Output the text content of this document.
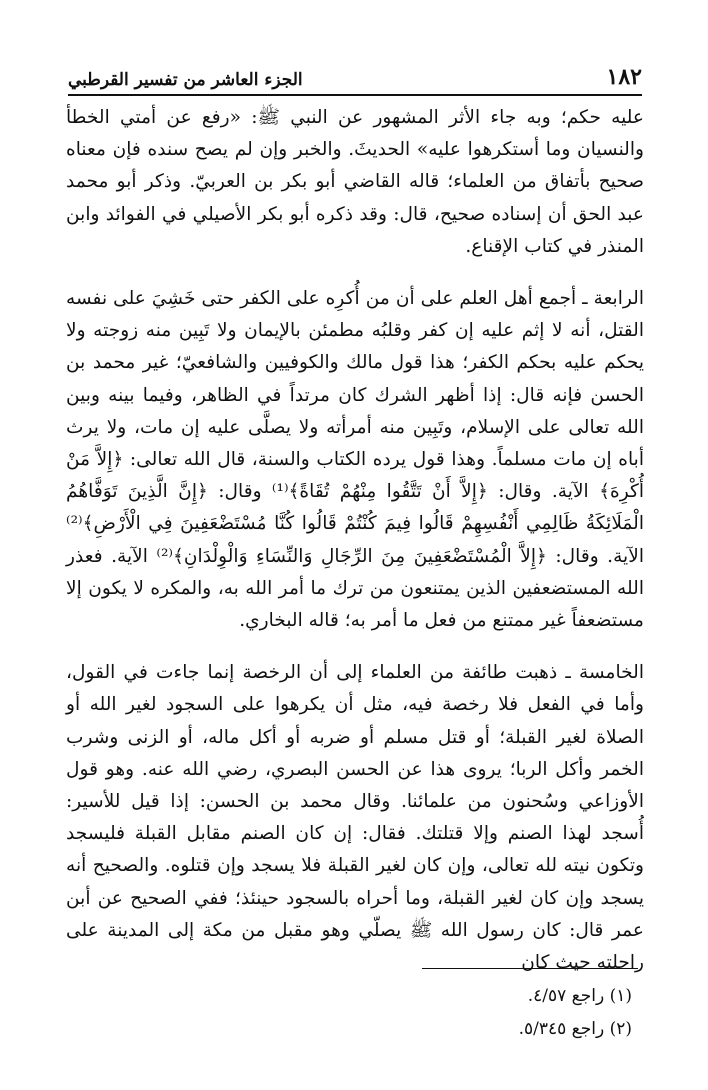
١٨٢
الجزء العاشر من تفسير القرطبي

عليه حكم؛ وبه جاء الأثر المشهور عن النبي ﷺ: «رفع عن أمتي الخطأ والنسيان وما أستكرهوا عليه» الحديثَ. والخبر وإن لم يصح سنده فإن معناه صحيح بأتفاق من العلماء؛ قاله القاضي أبو بكر بن العربيّ. وذكر أبو محمد عبد الحق أن إسناده صحيح، قال: وقد ذكره أبو بكر الأصيلي في الفوائد وابن المنذر في كتاب الإقناع.

الرابعة ـ أجمع أهل العلم على أن من أُكرِه على الكفر حتى خَشِيَ على نفسه القتل، أنه لا إثم عليه إن كفر وقلبُه مطمئن بالإيمان ولا تَبِين منه زوجته ولا يحكم عليه بحكم الكفر؛ هذا قول مالك والكوفيين والشافعيّ؛ غير محمد بن الحسن فإنه قال: إذا أظهر الشرك كان مرتداً في الظاهر، وفيما بينه وبين الله تعالى على الإسلام، وتَبِين منه أمرأته ولا يصلَّى عليه إن مات، ولا يرث أباه إن مات مسلماً. وهذا قول يرده الكتاب والسنة، قال الله تعالى: ﴿إِلاَّ مَنْ أُكْرِهَ﴾ الآية. وقال: ﴿إِلاَّ أَنْ تَتَّقُوا مِنْهُمْ تُقَاةً﴾⁽¹⁾ وقال: ﴿إِنَّ الَّذِينَ تَوَفَّاهُمُ الْمَلَائِكَةُ ظَالِمِي أَنْفُسِهِمْ قَالُوا فِيمَ كُنْتُمْ قَالُوا كُنَّا مُسْتَضْعَفِينَ فِي الْأَرْضِ﴾⁽²⁾ الآية. وقال: ﴿إِلاَّ الْمُسْتَضْعَفِينَ مِنَ الرِّجَالِ وَالنِّسَاءِ وَالْوِلْدَانِ﴾⁽²⁾ الآية. فعذر الله المستضعفين الذين يمتنعون من ترك ما أمر الله به، والمكره لا يكون إلا مستضعفاً غير ممتنع من فعل ما أمر به؛ قاله البخاري.

الخامسة ـ ذهبت طائفة من العلماء إلى أن الرخصة إنما جاءت في القول، وأما في الفعل فلا رخصة فيه، مثل أن يكرهوا على السجود لغير الله أو الصلاة لغير القبلة؛ أو قتل مسلم أو ضربه أو أكل ماله، أو الزنى وشرب الخمر وأكل الربا؛ يروى هذا عن الحسن البصري، رضي الله عنه. وهو قول الأوزاعي وسُحنون من علمائنا. وقال محمد بن الحسن: إذا قيل للأسير: أُسجد لهذا الصنم وإلا قتلتك. فقال: إن كان الصنم مقابل القبلة فليسجد وتكون نيته لله تعالى، وإن كان لغير القبلة فلا يسجد وإن قتلوه. والصحيح أنه يسجد وإن كان لغير القبلة، وما أحراه بالسجود حينئذ؛ ففي الصحيح عن أبن عمر قال: كان رسول الله ﷺ يصلّي وهو مقبل من مكة إلى المدينة على راحلته حيث كان

(١) راجع ٤/٥٧.
(٢) راجع ٥/٣٤٥.
